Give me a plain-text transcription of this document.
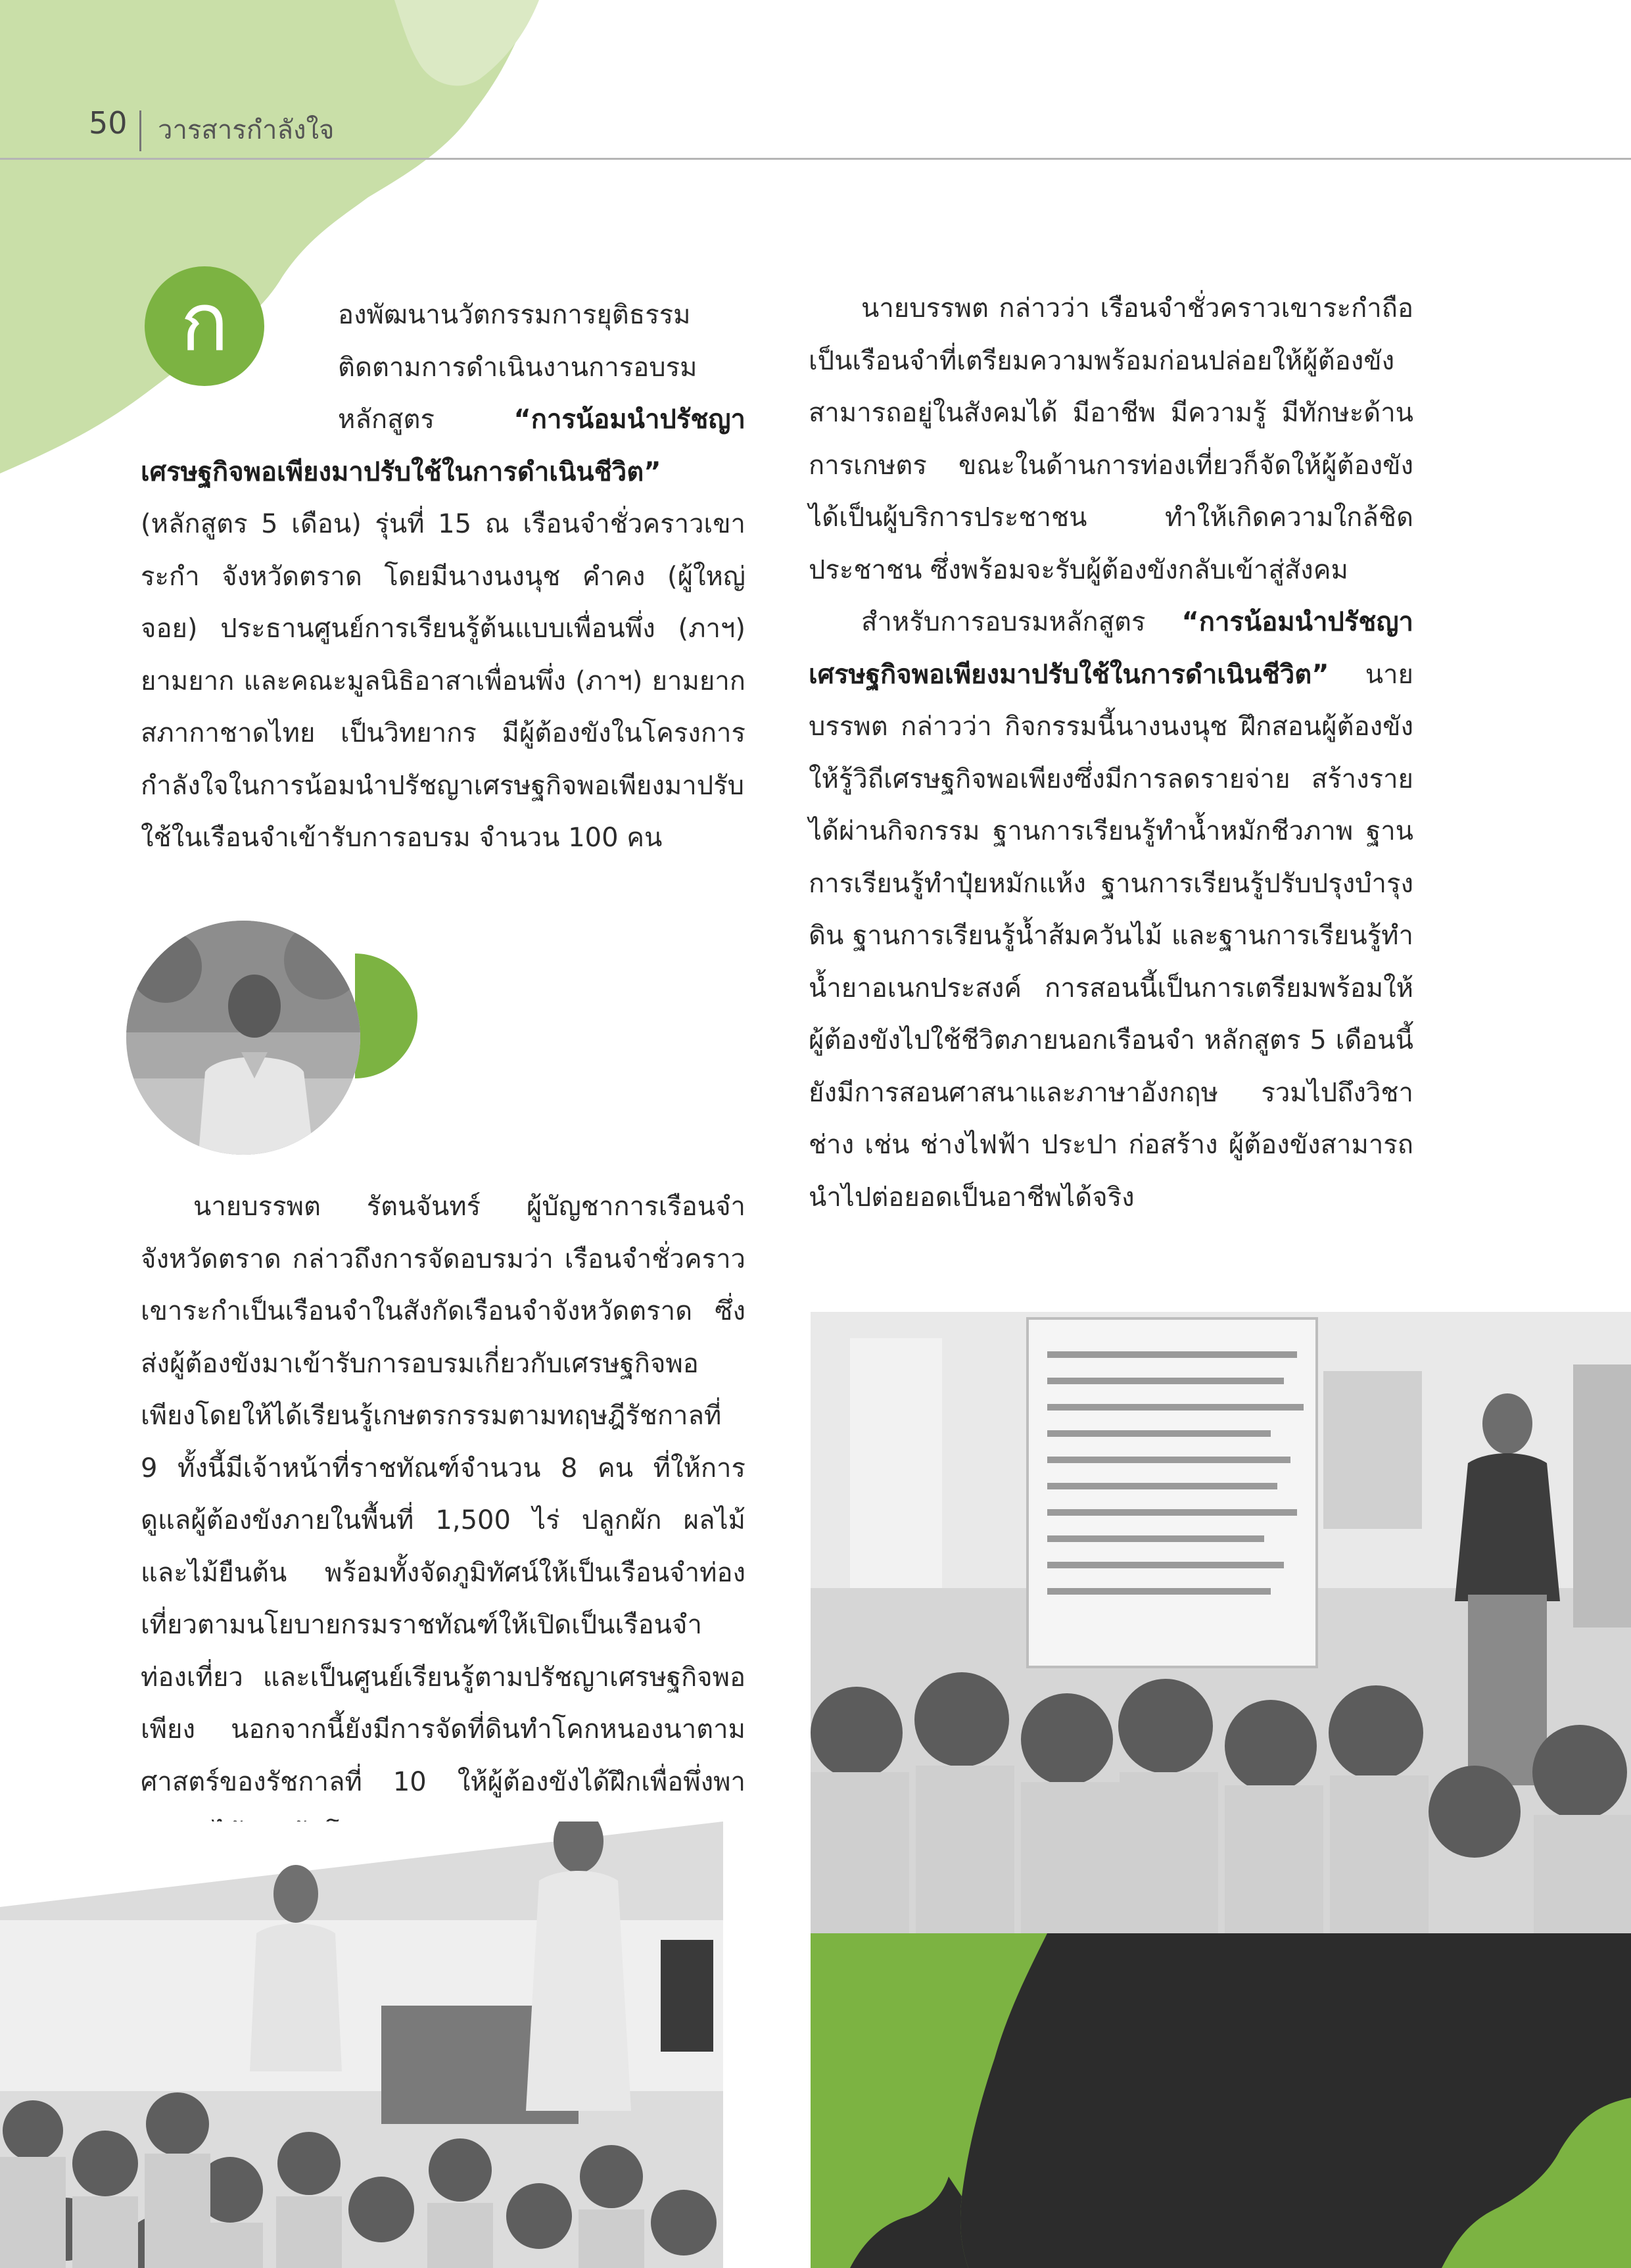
50 วารสารกำลังใจ
ก	องพัฒนานวัตกรรมการยุติธรรม ติดตามการดำเนินงานการอบรมหลักสูตร “การน้อมนำปรัชญาเศรษฐกิจพอเพียงมาปรับใช้ในการดำเนินชีวิต” (หลักสูตร 5 เดือน) รุ่นที่ 15 ณ เรือนจำชั่วคราวเขาระกำ จังหวัดตราด โดยมีนางนงนุช คำคง (ผู้ใหญ่จอย) ประธานศูนย์การเรียนรู้ต้นแบบเพื่อนพึ่ง (ภาฯ) ยามยาก และคณะมูลนิธิอาสาเพื่อนพึ่ง (ภาฯ) ยามยาก สภากาชาดไทย เป็นวิทยากร มีผู้ต้องขังในโครงการกำลังใจในการน้อมนำปรัชญาเศรษฐกิจพอเพียงมาปรับใช้ในเรือนจำเข้ารับการอบรม จำนวน 100 คน

นายบรรพต รัตนจันทร์ ผู้บัญชาการเรือนจำจังหวัดตราด กล่าวถึงการจัดอบรมว่า เรือนจำชั่วคราวเขาระกำเป็นเรือนจำในสังกัดเรือนจำจังหวัดตราด ซึ่งส่งผู้ต้องขังมาเข้ารับการอบรมเกี่ยวกับเศรษฐกิจพอเพียงโดยให้ได้เรียนรู้เกษตรกรรมตามทฤษฎีรัชกาลที่ 9 ทั้งนี้มีเจ้าหน้าที่ราชทัณฑ์จำนวน 8 คน ที่ให้การดูแลผู้ต้องขังภายในพื้นที่ 1,500 ไร่ ปลูกผัก ผลไม้ และไม้ยืนต้น พร้อมทั้งจัดภูมิทัศน์ให้เป็นเรือนจำท่องเที่ยวตามนโยบายกรมราชทัณฑ์ให้เปิดเป็นเรือนจำท่องเที่ยว และเป็นศูนย์เรียนรู้ตามปรัชญาเศรษฐกิจพอเพียง นอกจากนี้ยังมีการจัดที่ดินทำโคกหนองนาตามศาสตร์ของรัชกาลที่ 10 ให้ผู้ต้องขังได้ฝึกเพื่อพึ่งพา

นายบรรพต กล่าวว่า เรือนจำชั่วคราวเขาระกำถือเป็นเรือนจำที่เตรียมความพร้อมก่อนปล่อยให้ผู้ต้องขังสามารถอยู่ในสังคมได้ มีอาชีพ มีความรู้ มีทักษะด้านการเกษตร ขณะในด้านการท่องเที่ยวก็จัดให้ผู้ต้องขังได้เป็นผู้บริการประชาชน ทำให้เกิดความใกล้ชิดประชาชน ซึ่งพร้อมจะรับผู้ต้องขังกลับเข้าสู่สังคม

สำหรับการอบรมหลักสูตร “การน้อมนำปรัชญาเศรษฐกิจพอเพียงมาปรับใช้ในการดำเนินชีวิต” นายบรรพต กล่าวว่า กิจกรรมนี้นางนงนุช ฝึกสอนผู้ต้องขัง ให้รู้วิถีเศรษฐกิจพอเพียงซึ่งมีการลดรายจ่าย สร้างรายได้ผ่านกิจกรรม ฐานการเรียนรู้ทำน้ำหมักชีวภาพ ฐานการเรียนรู้ทำปุ๋ยหมักแห้ง ฐานการเรียนรู้ปรับปรุงบำรุงดิน ฐานการเรียนรู้น้ำส้มควันไม้ และฐานการเรียนรู้ทำน้ำยาอเนกประสงค์ การสอนนี้เป็นการเตรียมพร้อมให้ผู้ต้องขังไปใช้ชีวิตภายนอกเรือนจำ หลักสูตร 5 เดือนนี้ยังมีการสอนศาสนาและภาษาอังกฤษ รวมไปถึงวิชาช่าง เช่น ช่างไฟฟ้า ประปา ก่อสร้าง ผู้ต้องขังสามารถนำไปต่อยอดเป็นอาชีพได้จริง
